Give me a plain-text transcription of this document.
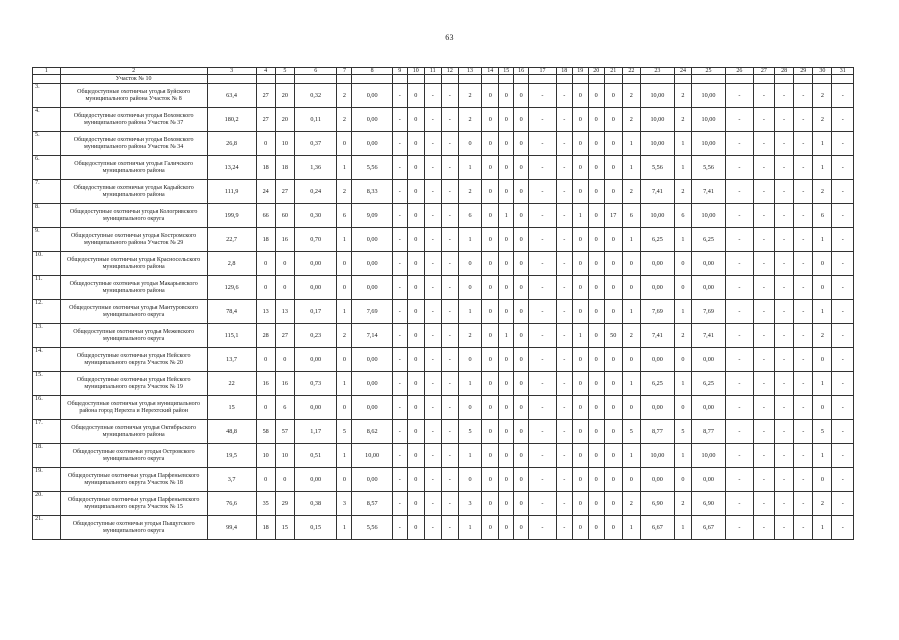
63
1	2	3	4	5	6	7	8	9	10	11	12	13	14	15	16	17	18	19	20	21	22	23	24	25	26	27	28	29	30	31
	Участок № 10																													
3.	Общедоступные охотничьи угодья Буйского муниципального района Участок № 8	63,4	27	20	0,32	2	0,00	-	0	-	-	2	0	0	0	-	-	0	0	0	2	10,00	2	10,00	-	-	-	-	2	-
4.	Общедоступные охотничьи угодья Вохомского муниципального района Участок № 37	180,2	27	20	0,11	2	0,00	-	0	-	-	2	0	0	0	-	-	0	0	0	2	10,00	2	10,00	-	-	-	-	2	-
5.	Общедоступные охотничьи угодья Вохомского муниципального района Участок № 34	26,8	0	10	0,37	0	0,00	-	0	-	-	0	0	0	0	-	-	0	0	0	1	10,00	1	10,00	-	-	-	-	1	-
6.	Общедоступные охотничьи угодья Галичского муниципального района	13,24	18	18	1,36	1	5,56	-	0	-	-	1	0	0	0	-	-	0	0	0	1	5,56	1	5,56	-	-	-	-	1	-
7.	Общедоступные охотничьи угодья Кадыйского муниципального района	111,9	24	27	0,24	2	8,33	-	0	-	-	2	0	0	0	-	-	0	0	0	2	7,41	2	7,41	-	-	-	-	2	-
8.	Общедоступные охотничьи угодья Кологривского муниципального округа	199,9	66	60	0,30	6	9,09	-	0	-	-	6	0	1	0	-	-	1	0	17	6	10,00	6	10,00	-	-	-	-	6	-
9.	Общедоступные охотничьи угодья Костромского муниципального района Участок № 29	22,7	18	16	0,70	1	0,00	-	0	-	-	1	0	0	0	-	-	0	0	0	1	6,25	1	6,25	-	-	-	-	1	-
10.	Общедоступные охотничьи угодья Красносельского муниципального района	2,8	0	0	0,00	0	0,00	-	0	-	-	0	0	0	0	-	-	0	0	0	0	0,00	0	0,00	-	-	-	-	0	-
11.	Общедоступные охотничьи угодья Макарьевского муниципального района	129,6	0	0	0,00	0	0,00	-	0	-	-	0	0	0	0	-	-	0	0	0	0	0,00	0	0,00	-	-	-	-	0	-
12.	Общедоступные охотничьи угодья Мантуровского муниципального округа	78,4	13	13	0,17	1	7,69	-	0	-	-	1	0	0	0	-	-	0	0	0	1	7,69	1	7,69	-	-	-	-	1	-
13.	Общедоступные охотничьи угодья Межевского муниципального округа	115,1	28	27	0,23	2	7,14	-	0	-	-	2	0	1	0	-	-	1	0	50	2	7,41	2	7,41	-	-	-	-	2	-
14.	Общедоступные охотничьи угодья Нейского муниципального округа Участок № 20	13,7	0	0	0,00	0	0,00	-	0	-	-	0	0	0	0	-	-	0	0	0	0	0,00	0	0,00	-	-	-	-	0	-
15.	Общедоступные охотничьи угодья Нейского муниципального округа Участок № 19	22	16	16	0,73	1	0,00	-	0	-	-	1	0	0	0	-	-	0	0	0	1	6,25	1	6,25	-	-	-	-	1	-
16.	Общедоступные охотничьи угодья муниципального района город Нерехта и Нерехтский район	15	0	6	0,00	0	0,00	-	0	-	-	0	0	0	0	-	-	0	0	0	0	0,00	0	0,00	-	-	-	-	0	-
17.	Общедоступные охотничьи угодья Октябрьского муниципального района	48,8	58	57	1,17	5	8,62	-	0	-	-	5	0	0	0	-	-	0	0	0	5	8,77	5	8,77	-	-	-	-	5	-
18.	Общедоступные охотничьи угодья Островского муниципального округа	19,5	10	10	0,51	1	10,00	-	0	-	-	1	0	0	0	-	-	0	0	0	1	10,00	1	10,00	-	-	-	-	1	-
19.	Общедоступные охотничьи угодья Парфеньевского муниципального округа Участок № 18	3,7	0	0	0,00	0	0,00	-	0	-	-	0	0	0	0	-	-	0	0	0	0	0,00	0	0,00	-	-	-	-	0	-
20.	Общедоступные охотничьи угодья Парфеньевского муниципального округа Участок № 15	76,6	35	29	0,38	3	8,57	-	0	-	-	3	0	0	0	-	-	0	0	0	2	6,90	2	6,90	-	-	-	-	2	-
21.	Общедоступные охотничьи угодья Пыщугского муниципального округа	99,4	18	15	0,15	1	5,56	-	0	-	-	1	0	0	0	-	-	0	0	0	1	6,67	1	6,67	-	-	-	-	1	-
